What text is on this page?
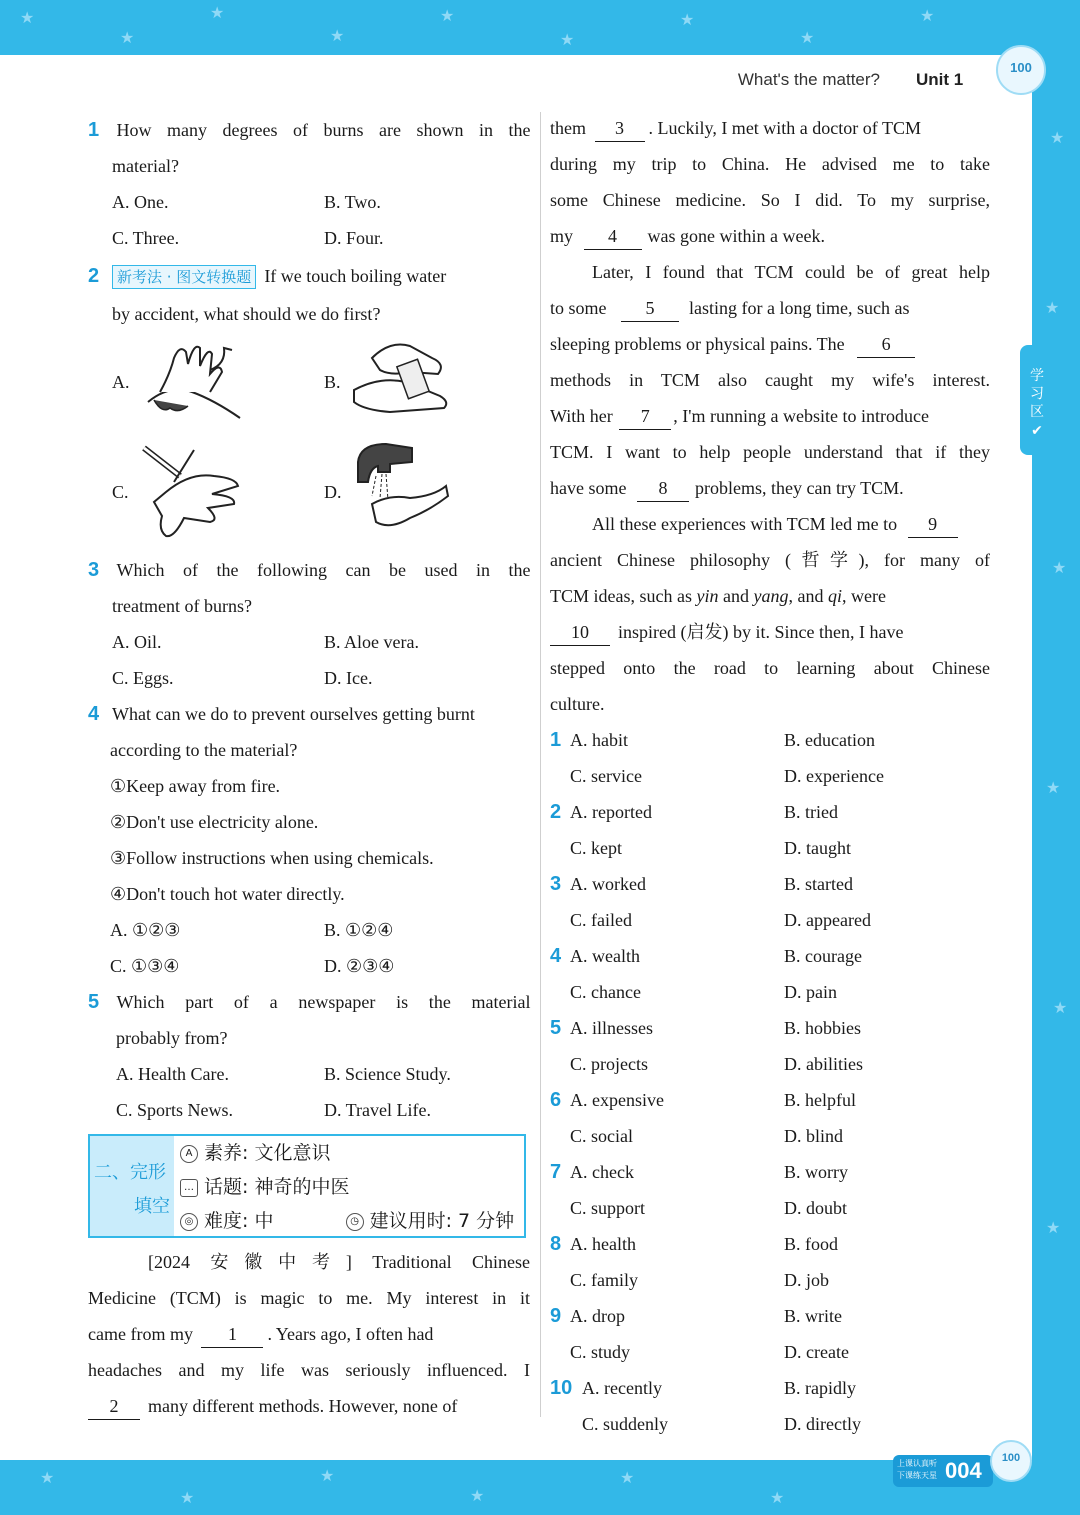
★
★
★
★
★
★
★
★
★
★
★
★
★
★
★
★
★
★
★
★
★
What's the matter? Unit 1
100
学
习
区
✔
1 How many degrees of burns are shown in the
material?
A. One.	B. Two.
C. Three.	D. Four.
2 新考法 · 图文转换题 If we touch boiling water
by accident, what should we do first?
A.	B.
C.	D.
3 Which of the following can be used in the
treatment of burns?
A. Oil.	B. Aloe vera.
C. Eggs.	D. Ice.
4 What can we do to prevent ourselves getting burnt
according to the material?
①Keep away from fire.
②Don't use electricity alone.
③Follow instructions when using chemicals.
④Don't touch hot water directly.
A. ①②③	B. ①②④
C. ①③④	D. ②③④
5 Which part of a newspaper is the material
probably from?
A. Health Care.	B. Science Study.
C. Sports News.	D. Travel Life.
二、完形
填空
A 素养: 文化意识
… 话题: 神奇的中医
◎ 难度: 中	◷ 建议用时: 7 分钟
[2024 安徽中考] Traditional Chinese
Medicine (TCM) is magic to me. My interest in it
came from my 1 . Years ago, I often had
headaches and my life was seriously influenced. I
2 many different methods. However, none of
them 3 . Luckily, I met with a doctor of TCM
during my trip to China. He advised me to take
some Chinese medicine. So I did. To my surprise,
my 4 was gone within a week.
Later, I found that TCM could be of great help
to some 5 lasting for a long time, such as
sleeping problems or physical pains. The 6
methods in TCM also caught my wife's interest.
With her 7 , I'm running a website to introduce
TCM. I want to help people understand that if they
have some 8 problems, they can try TCM.
All these experiences with TCM led me to 9
ancient Chinese philosophy (哲学), for many of
TCM ideas, such as yin and yang, and qi, were
10 inspired (启发) by it. Since then, I have
stepped onto the road to learning about Chinese
culture.
1 A. habit	B. education
C. service	D. experience
2 A. reported	B. tried
C. kept	D. taught
3 A. worked	B. started
C. failed	D. appeared
4 A. wealth	B. courage
C. chance	D. pain
5 A. illnesses	B. hobbies
C. projects	D. abilities
6 A. expensive	B. helpful
C. social	D. blind
7 A. check	B. worry
C. support	D. doubt
8 A. health	B. food
C. family	D. job
9 A. drop	B. write
C. study	D. create
10 A. recently	B. rapidly
C. suddenly	D. directly
上课认真听
下课练天星 004	100
